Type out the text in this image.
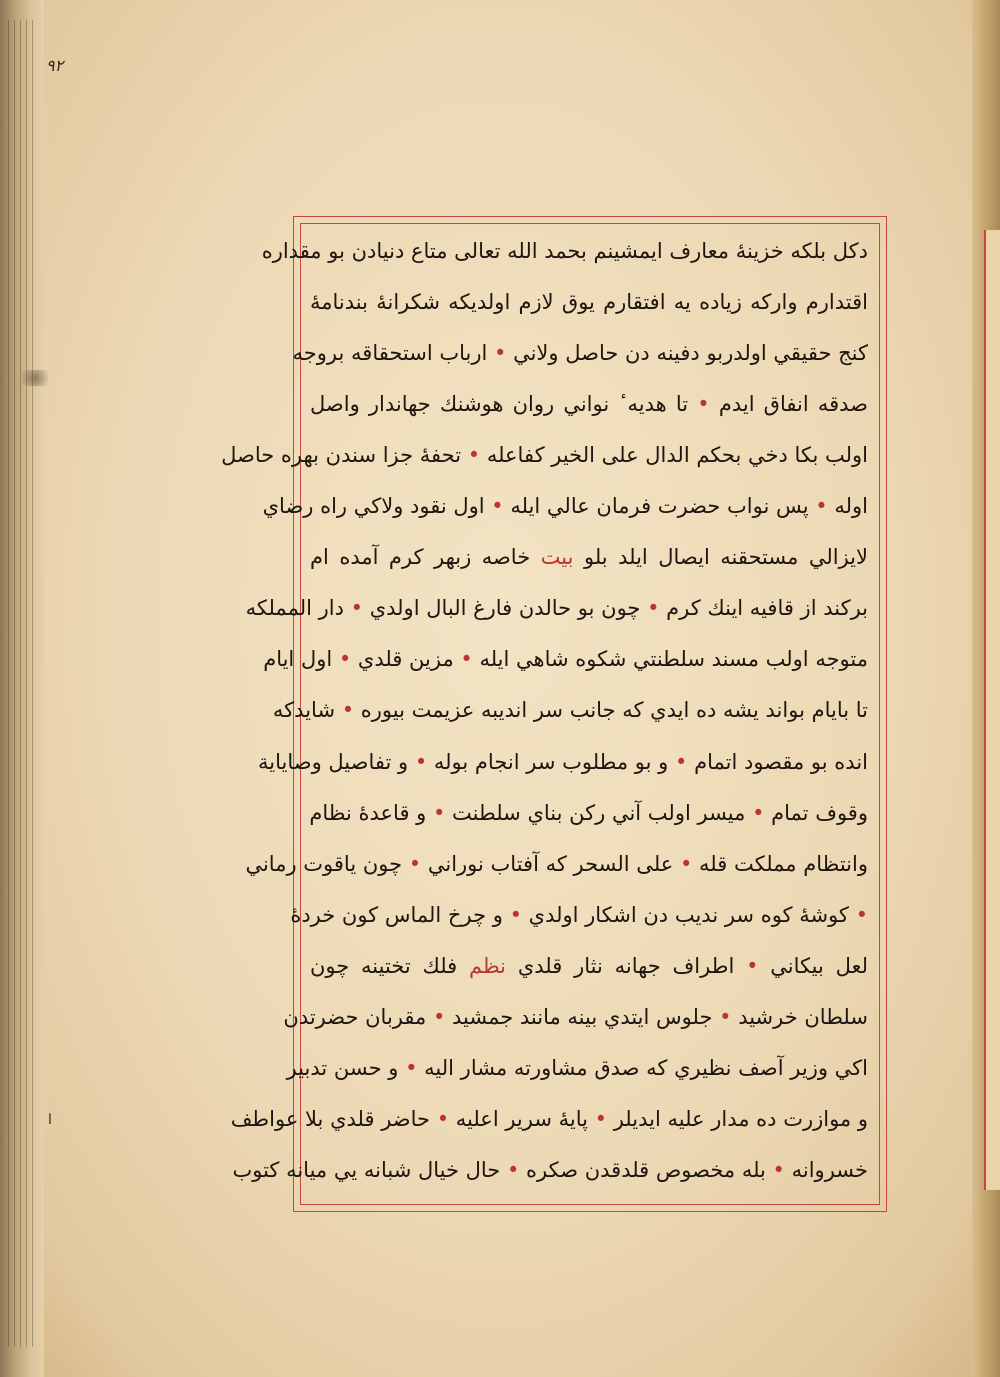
٩٢
ا
دكل بلكه خزينهٔ معارف ايمشينم بحمد الله تعالى متاع دنيادن بو مقداره
اقتدارم واركه زياده يه افتقارم يوق لازم اولديكه شكرانهٔ بندنامهٔ
كنج حقيقي اولدربو دفينه دن حاصل ولاني • ارباب استحقاقه بروجه
صدقه انفاق ايدم • تا هديه ٔ نواني روان هوشنك جهاندار واصل
اولب بكا دخي بحكم الدال على الخير كفاعله • تحفهٔ جزا سندن بهره حاصل
اوله • پس نواب حضرت فرمان عالي ايله • اول نقود ولاكي راه رضاي
لايزالي مستحقنه ايصال ايلد بلو بيت خاصه زبهر كرم آمده ام
بركند از قافيه اينك كرم • چون بو حالدن فارغ البال اولدي • دار المملكه
متوجه اولب مسند سلطنتي شكوه شاهي ايله • مزين قلدي • اول ايام
تا بايام بواند يشه ده ايدي كه جانب سر انديبه عزيمت بيوره • شايدكه
انده بو مقصود اتمام • و بو مطلوب سر انجام بوله • و تفاصيل وصاياية
وقوف تمام • ميسر اولب آني ركن بناي سلطنت • و قاعدهٔ نظام
وانتظام مملكت قله • على السحر كه آفتاب نوراني • چون ياقوت رماني
• كوشهٔ كوه سر نديب دن اشكار اولدي • و چرخ الماس كون خردهٔ
لعل بيكاني • اطراف جهانه نثار قلدي نظم فلك تختينه چون
سلطان خرشيد • جلوس ايتدي بينه مانند جمشيد • مقربان حضرتدن
اكي وزير آصف نظيري كه صدق مشاورته مشار اليه • و حسن تدبير
و موازرت ده مدار عليه ايديلر • پايهٔ سرير اعليه • حاضر قلدي بلا عواطف
خسروانه • بله مخصوص قلدقدن صكره • حال خيال شبانه يي ميانه كتوب
